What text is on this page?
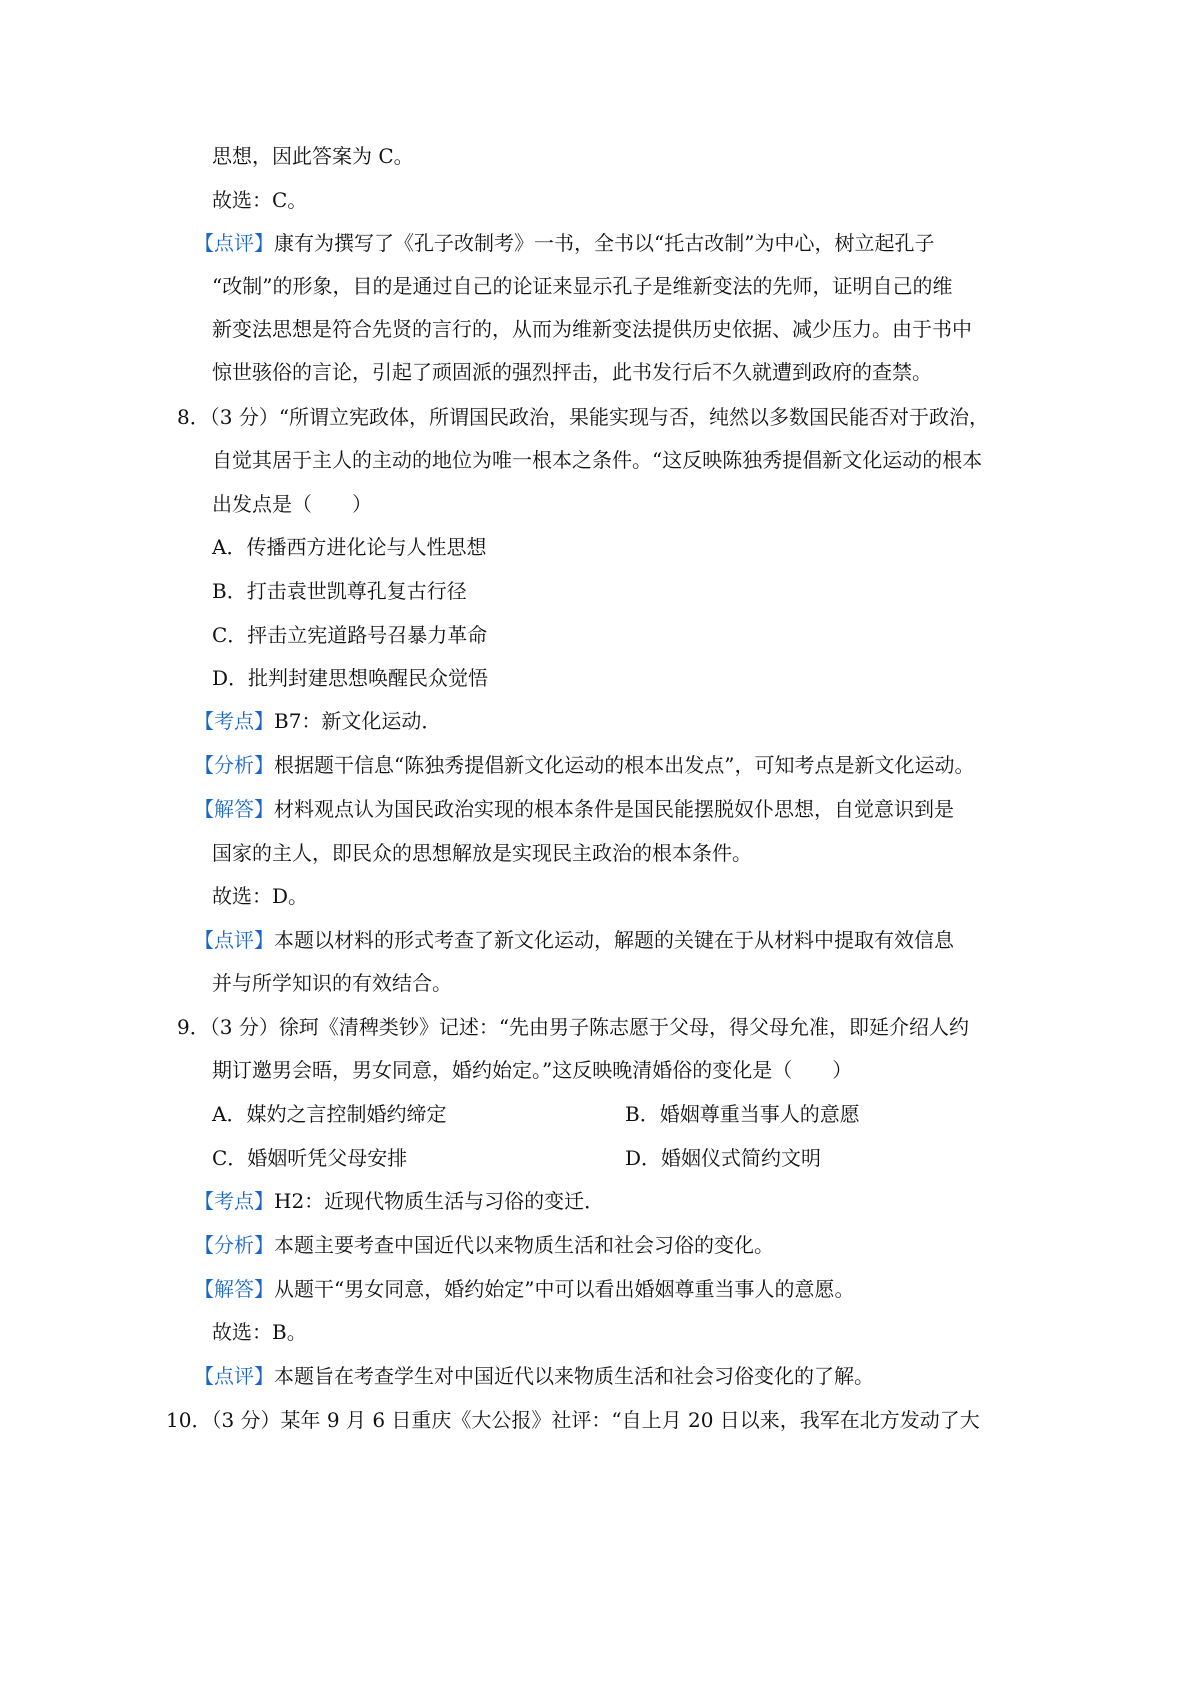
思想，因此答案为 C。
故选：C。
【点评】康有为撰写了《孔子改制考》一书，全书以“托古改制”为中心，树立起孔子
“改制”的形象，目的是通过自己的论证来显示孔子是维新变法的先师，证明自己的维
新变法思想是符合先贤的言行的，从而为维新变法提供历史依据、减少压力。由于书中
惊世骇俗的言论，引起了顽固派的强烈抨击，此书发行后不久就遭到政府的查禁。
8．（3 分）“所谓立宪政体，所谓国民政治，果能实现与否，纯然以多数国民能否对于政治，
自觉其居于主人的主动的地位为唯一根本之条件。“这反映陈独秀提倡新文化运动的根本
出发点是（　　）
A．传播西方进化论与人性思想
B．打击袁世凯尊孔复古行径
C．抨击立宪道路号召暴力革命
D．批判封建思想唤醒民众觉悟
【考点】B7：新文化运动．
【分析】根据题干信息“陈独秀提倡新文化运动的根本出发点”，可知考点是新文化运动。
【解答】材料观点认为国民政治实现的根本条件是国民能摆脱奴仆思想，自觉意识到是
国家的主人，即民众的思想解放是实现民主政治的根本条件。
故选：D。
【点评】本题以材料的形式考查了新文化运动，解题的关键在于从材料中提取有效信息
并与所学知识的有效结合。
9．（3 分）徐珂《清稗类钞》记述：“先由男子陈志愿于父母，得父母允准，即延介绍人约
期订邀男会晤，男女同意，婚约始定。”这反映晚清婚俗的变化是（　　）
A．媒妁之言控制婚约缔定	B．婚姻尊重当事人的意愿
C．婚姻听凭父母安排	D．婚姻仪式简约文明
【考点】H2：近现代物质生活与习俗的变迁．
【分析】本题主要考查中国近代以来物质生活和社会习俗的变化。
【解答】从题干“男女同意，婚约始定”中可以看出婚姻尊重当事人的意愿。
故选：B。
【点评】本题旨在考查学生对中国近代以来物质生活和社会习俗变化的了解。
10．（3 分）某年 9 月 6 日重庆《大公报》社评：“自上月 20 日以来，我军在北方发动了大
